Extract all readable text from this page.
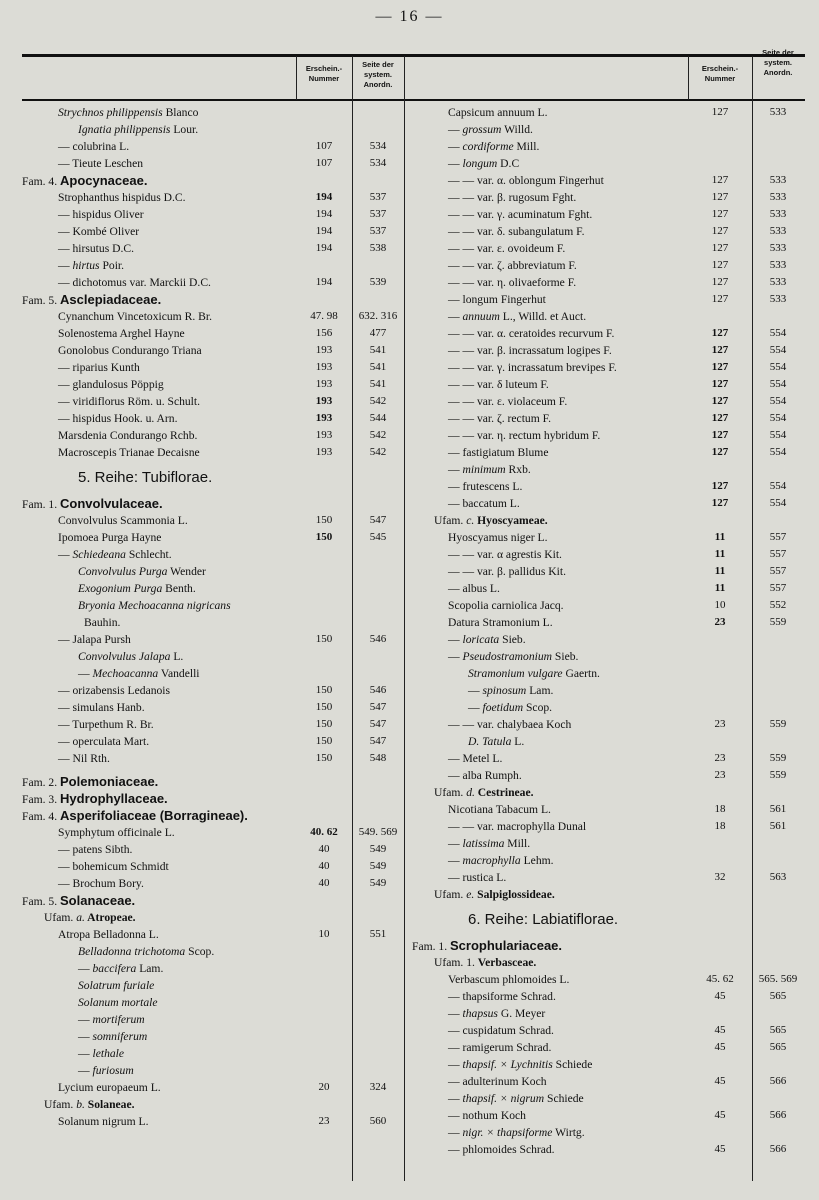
— 16 —
Erschein.- Nummer
Seite der system. Anordn.
Erschein.- Nummer
Seite der system. Anordn.
Strychnos philippensis Blanco
Ignatia philippensis Lour.
— colubrina L.	107	534
— Tieute Leschen	107	534
Fam. 4. Apocynaceae.
Strophanthus hispidus D.C.	194	537
— hispidus Oliver	194	537
— Kombé Oliver	194	537
— hirsutus D.C.	194	538
— hirtus Poir.
— dichotomus var. Marckii D.C.	194	539
Fam. 5. Asclepiadaceae.
Cynanchum Vincetoxicum R. Br.	47. 98	632. 316
Solenostema Arghel Hayne	156	477
Gonolobus Condurango Triana	193	541
— riparius Kunth	193	541
— glandulosus Pöppig	193	541
— viridiflorus Röm. u. Schult.	193	542
— hispidus Hook. u. Arn.	193	544
Marsdenia Condurango Rchb.	193	542
Macroscepis Trianae Decaisne	193	542
5. Reihe: Tubiflorae.
Fam. 1. Convolvulaceae.
Convolvulus Scammonia L.	150	547
Ipomoea Purga Hayne	150	545
— Schiedeana Schlecht.
Convolvulus Purga Wender
Exogonium Purga Benth.
Bryonia Mechoacanna nigricans
Bauhin.
— Jalapa Pursh	150	546
Convolvulus Jalapa L.
— Mechoacanna Vandelli
— orizabensis Ledanois	150	546
— simulans Hanb.	150	547
— Turpethum R. Br.	150	547
— operculata Mart.	150	547
— Nil Rth.	150	548
Fam. 2. Polemoniaceae.
Fam. 3. Hydrophyllaceae.
Fam. 4. Asperifoliaceae (Borragineae).
Symphytum officinale L.	40. 62	549. 569
— patens Sibth.	40	549
— bohemicum Schmidt	40	549
— Brochum Bory.	40	549
Fam. 5. Solanaceae.
Ufam. a. Atropeae.
Atropa Belladonna L.	10	551
Belladonna trichotoma Scop.
— baccifera Lam.
Solatrum furiale
Solanum mortale
— mortiferum
— somniferum
— lethale
— furiosum
Lycium europaeum L.	20	324
Ufam. b. Solaneae.
Solanum nigrum L.	23	560
Capsicum annuum L.	127	533
— grossum Willd.
— cordiforme Mill.
— longum D.C
— — var. α. oblongum Fingerhut	127	533
— — var. β. rugosum Fght.	127	533
— — var. γ. acuminatum Fght.	127	533
— — var. δ. subangulatum F.	127	533
— — var. ε. ovoideum F.	127	533
— — var. ζ. abbreviatum F.	127	533
— — var. η. olivaeforme F.	127	533
— longum Fingerhut	127	533
— annuum L., Willd. et Auct.
— — var. α. ceratoides recurvum F.	127	554
— — var. β. incrassatum logipes F.	127	554
— — var. γ. incrassatum brevipes F.	127	554
— — var. δ luteum F.	127	554
— — var. ε. violaceum F.	127	554
— — var. ζ. rectum F.	127	554
— — var. η. rectum hybridum F.	127	554
— fastigiatum Blume	127	554
— minimum Rxb.
— frutescens L.	127	554
— baccatum L.	127	554
Ufam. c. Hyoscyameae.
Hyoscyamus niger L.	11	557
— — var. α agrestis Kit.	11	557
— — var. β. pallidus Kit.	11	557
— albus L.	11	557
Scopolia carniolica Jacq.	10	552
Datura Stramonium L.	23	559
— loricata Sieb.
— Pseudostramonium Sieb.
Stramonium vulgare Gaertn.
— spinosum Lam.
— foetidum Scop.
— — var. chalybaea Koch	23	559
D. Tatula L.
— Metel L.	23	559
— alba Rumph.	23	559
Ufam. d. Cestrineae.
Nicotiana Tabacum L.	18	561
— — var. macrophylla Dunal	18	561
— latissima Mill.
— macrophylla Lehm.
— rustica L.	32	563
Ufam. e. Salpiglossideae.
6. Reihe: Labiatiflorae.
Fam. 1. Scrophulariaceae.
Ufam. 1. Verbasceae.
Verbascum phlomoides L.	45. 62	565. 569
— thapsiforme Schrad.	45	565
— thapsus G. Meyer
— cuspidatum Schrad.	45	565
— ramigerum Schrad.	45	565
— thapsif. × Lychnitis Schiede
— adulterinum Koch	45	566
— thapsif. × nigrum Schiede
— nothum Koch	45	566
— nigr. × thapsiforme Wirtg.
— phlomoides Schrad.	45	566
